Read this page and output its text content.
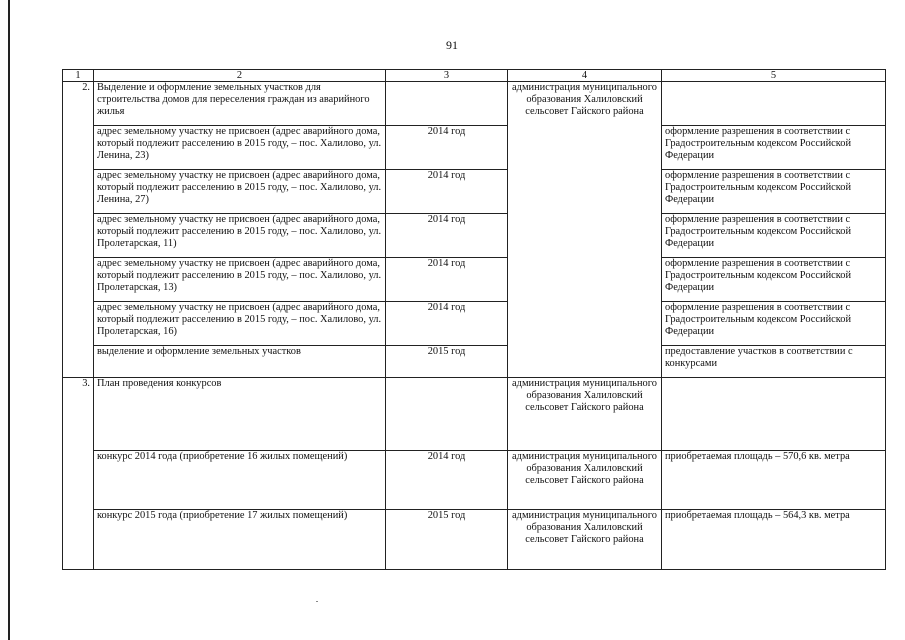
91
1	2	3	4	5
2.	Выделение и оформление земельных участков для строительства домов для переселения граждан из аварийного жилья		администрация муниципального образования Халиловский сельсовет Гайского района	
	адрес земельному участку не присвоен (адрес аварийного дома, который подлежит расселению в 2015 году, – пос. Халилово, ул. Ленина, 23)	2014 год		оформление разрешения в соответствии с Градостроительным кодексом Российской Федерации
	адрес земельному участку не присвоен (адрес аварийного дома, который подлежит расселению в 2015 году, – пос. Халилово, ул. Ленина, 27)	2014 год		оформление разрешения в соответствии с Градостроительным кодексом Российской Федерации
	адрес земельному участку не присвоен (адрес аварийного дома, который подлежит расселению в 2015 году, – пос. Халилово, ул. Пролетарская, 11)	2014 год		оформление разрешения в соответствии с Градостроительным кодексом Российской Федерации
	адрес земельному участку не присвоен (адрес аварийного дома, который подлежит расселению в 2015 году, – пос. Халилово, ул. Пролетарская, 13)	2014 год		оформление разрешения в соответствии с Градостроительным кодексом Российской Федерации
	адрес земельному участку не присвоен (адрес аварийного дома, который подлежит расселению в 2015 году, – пос. Халилово, ул. Пролетарская, 16)	2014 год		оформление разрешения в соответствии с Градостроительным кодексом Российской Федерации
	выделение и оформление земельных участков	2015 год		предоставление участков в соответствии с конкурсами
3.	План проведения конкурсов		администрация муниципального образования Халиловский сельсовет Гайского района	
	конкурс 2014 года (приобретение 16 жилых помещений)	2014 год	администрация муниципального образования Халиловский сельсовет Гайского района	приобретаемая площадь – 570,6 кв. метра
	конкурс 2015 года (приобретение 17 жилых помещений)	2015 год	администрация муниципального образования Халиловский сельсовет Гайского района	приобретаемая площадь – 564,3 кв. метра
